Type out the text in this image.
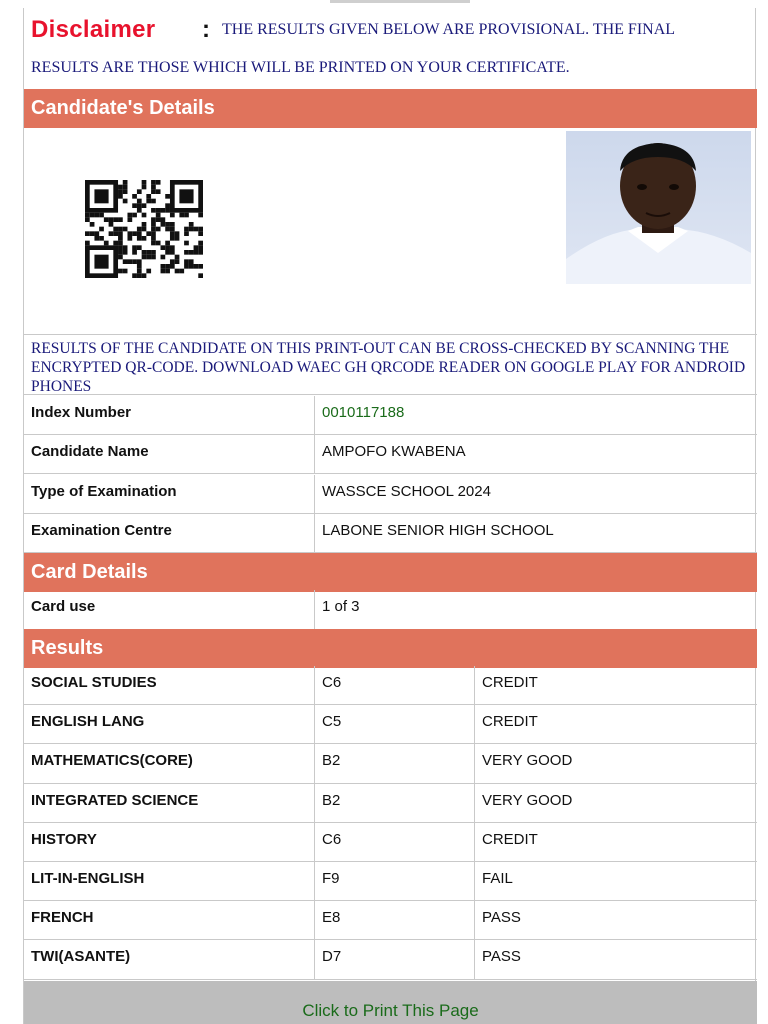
Disclaimer : THE RESULTS GIVEN BELOW ARE PROVISIONAL. THE FINAL
RESULTS ARE THOSE WHICH WILL BE PRINTED ON YOUR CERTIFICATE.
Candidate's Details
RESULTS OF THE CANDIDATE ON THIS PRINT-OUT CAN BE CROSS-CHECKED BY SCANNING THE ENCRYPTED QR-CODE. DOWNLOAD WAEC GH QRCODE READER ON GOOGLE PLAY FOR ANDROID PHONES
Index Number	0010117188
Candidate Name	AMPOFO KWABENA
Type of Examination	WASSCE SCHOOL 2024
Examination Centre	LABONE SENIOR HIGH SCHOOL
Card Details
Card use	1 of 3
Results
SOCIAL STUDIES	C6	CREDIT
ENGLISH LANG	C5	CREDIT
MATHEMATICS(CORE)	B2	VERY GOOD
INTEGRATED SCIENCE	B2	VERY GOOD
HISTORY	C6	CREDIT
LIT-IN-ENGLISH	F9	FAIL
FRENCH	E8	PASS
TWI(ASANTE)	D7	PASS
Click to Print This Page
